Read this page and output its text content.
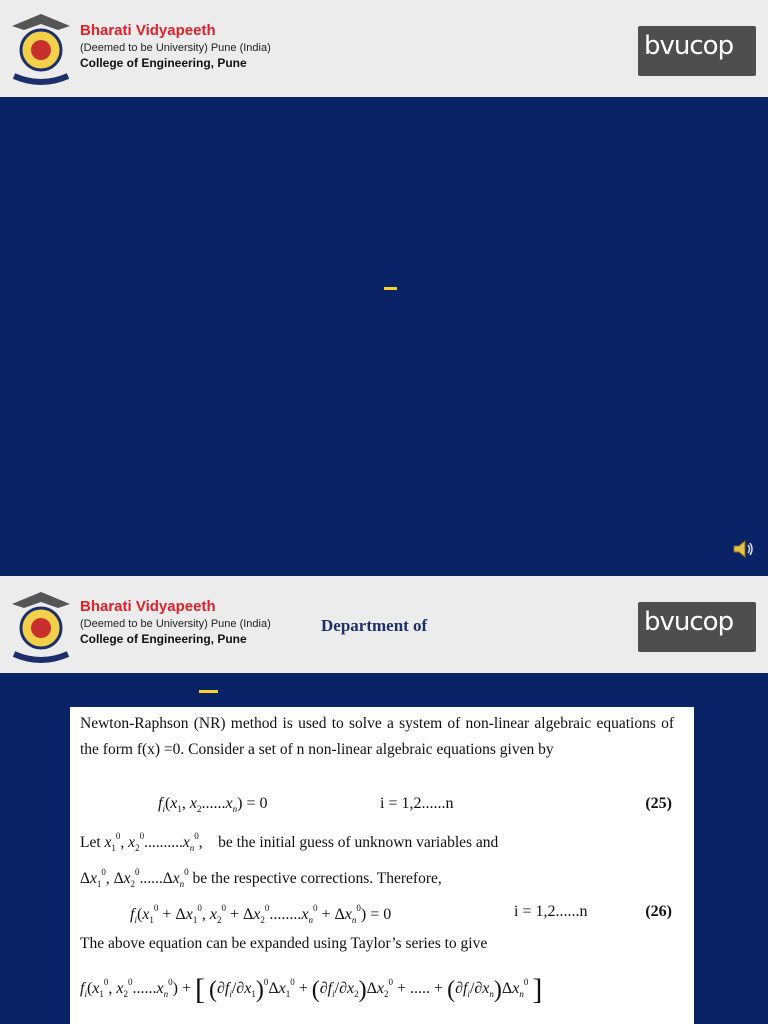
Bharati Vidyapeeth
(Deemed to be University) Pune (India)
College of Engineering, Pune
bvucop
Bharati Vidyapeeth
(Deemed to be University) Pune (India)
College of Engineering, Pune
bvucop
Department of
Newton-Raphson (NR) method is used to solve a system of non-linear algebraic equations of the form f(x) =0. Consider a set of n non-linear algebraic equations given by
$f_i(x_1$, $x_2......x_n) = 0$	i = 1,2......n	(25)
Let $x_1^0$, $x_2^0..........x_n^0$,    be the initial guess of unknown variables and
$\Delta x_1^0$, $\Delta x_2^0......\Delta x_n^0$ be the respective corrections. Therefore,
$f_i(x_1^0 + \Delta x_1^0$, $x_2^0 + \Delta x_2^0........x_n^0 + \Delta x_n^0) = 0$	i = 1,2......n	(26)
The above equation can be expanded using Taylor’s series to give
$f_i(x_1^0$, $x_2^0......x_n^0$) + [ $(\partial f_i/\partial x_1)^0\Delta x_1^0 + (\partial f_i/\partial x_2)\Delta x_2^0$ + ..... + $(\partial f_i/\partial x_n)\Delta x_n^0$ ]
